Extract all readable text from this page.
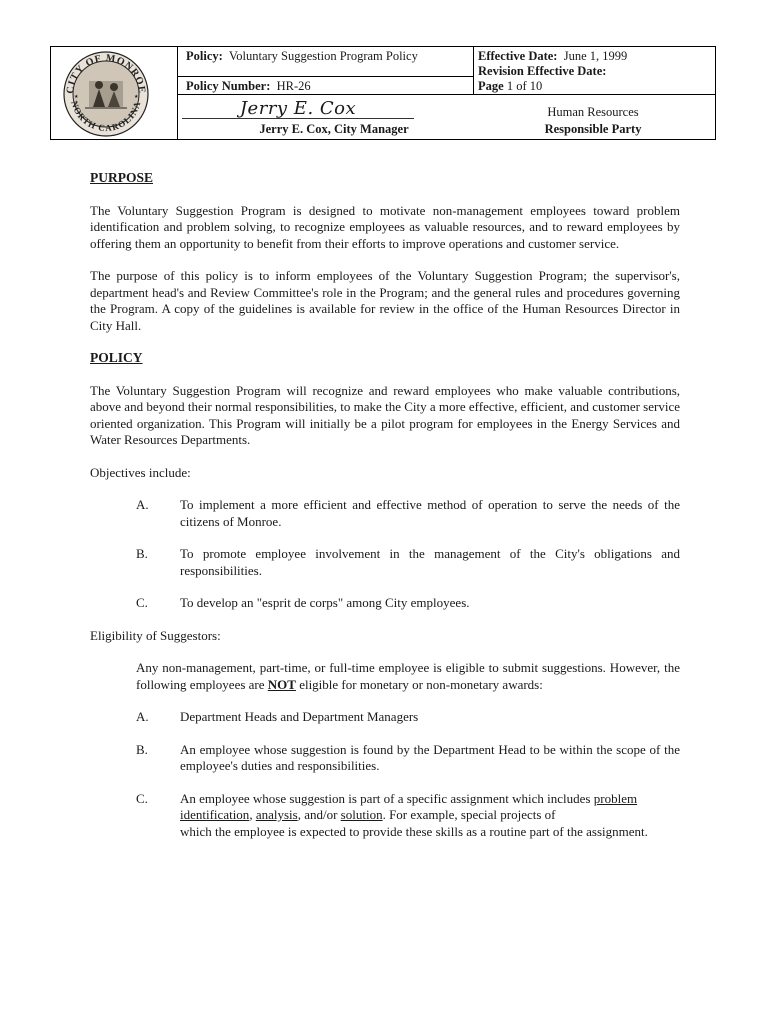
CITY OF MONROE
NORTH CAROLINA
★	★
Policy: Voluntary Suggestion Program Policy	Effective Date: June 1, 1999
Revision Effective Date:
Policy Number: HR-26	Page 1 of 10
Jerry E. Cox, City Manager
Human Resources
Responsible Party
Jerry E. Cox
PURPOSE

The Voluntary Suggestion Program is designed to motivate non-management employees toward problem identification and problem solving, to recognize employees as valuable resources, and to reward employees by offering them an opportunity to benefit from their efforts to improve operations and customer service.

The purpose of this policy is to inform employees of the Voluntary Suggestion Program; the supervisor's, department head's and Review Committee's role in the Program; and the general rules and procedures governing the Program. A copy of the guidelines is available for review in the office of the Human Resources Director in City Hall.

POLICY

The Voluntary Suggestion Program will recognize and reward employees who make valuable contributions, above and beyond their normal responsibilities, to make the City a more effective, efficient, and customer service oriented organization. This Program will initially be a pilot program for employees in the Energy Services and Water Resources Departments.

Objectives include:

A.	To implement a more efficient and effective method of operation to serve the needs of the citizens of Monroe.
B.	To promote employee involvement in the management of the City's obligations and responsibilities.
C.	To develop an "esprit de corps" among City employees.

Eligibility of Suggestors:

Any non-management, part-time, or full-time employee is eligible to submit suggestions. However, the following employees are NOT eligible for monetary or non-monetary awards:

A.	Department Heads and Department Managers
B.	An employee whose suggestion is found by the Department Head to be within the scope of the employee's duties and responsibilities.
C.	An employee whose suggestion is part of a specific assignment which includes problem identification, analysis, and/or solution. For example, special projects of
which the employee is expected to provide these skills as a routine part of the assignment.
